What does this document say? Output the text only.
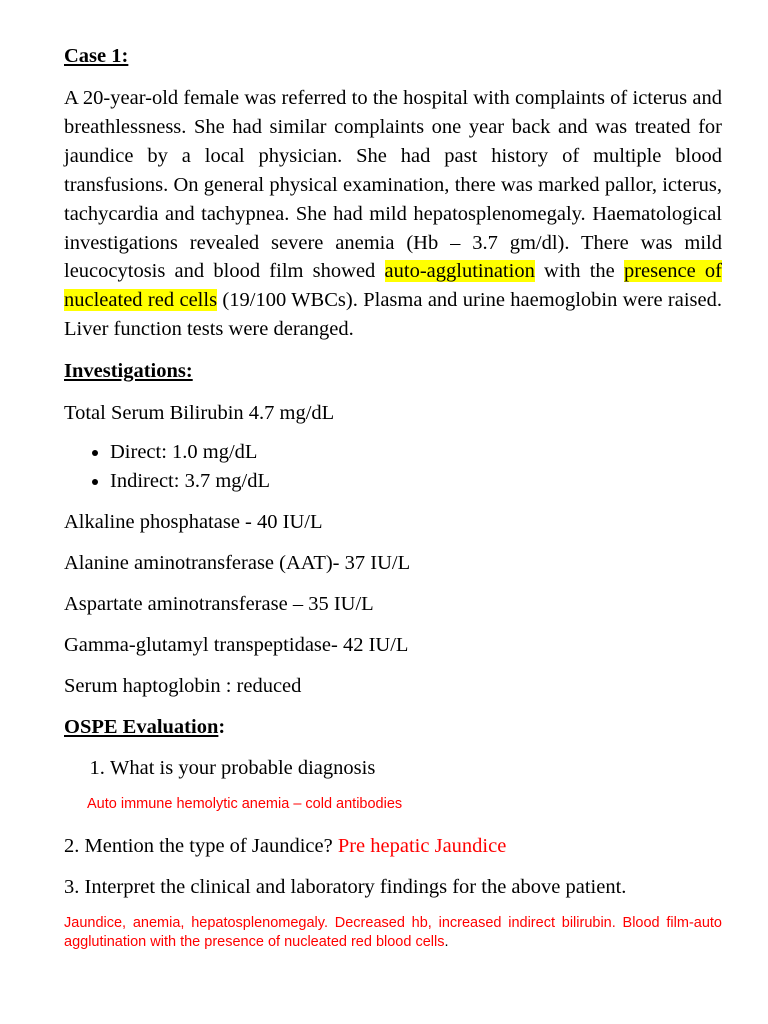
Case 1:

A 20-year-old female was referred to the hospital with complaints of icterus and breathlessness. She had similar complaints one year back and was treated for jaundice by a local physician. She had past history of multiple blood transfusions. On general physical examination, there was marked pallor, icterus, tachycardia and tachypnea. She had mild hepatosplenomegaly. Haematological investigations revealed severe anemia (Hb – 3.7 gm/dl). There was mild leucocytosis and blood film showed auto-agglutination with the presence of nucleated red cells (19/100 WBCs). Plasma and urine haemoglobin were raised. Liver function tests were deranged.

Investigations:

Total Serum Bilirubin 4.7 mg/dL

• Direct: 1.0 mg/dL
• Indirect: 3.7 mg/dL

Alkaline phosphatase - 40 IU/L

Alanine aminotransferase (AAT)- 37 IU/L

Aspartate aminotransferase – 35 IU/L

Gamma-glutamyl transpeptidase- 42 IU/L

Serum haptoglobin : reduced

OSPE Evaluation:

1. What is your probable diagnosis

Auto immune hemolytic anemia – cold antibodies

2. Mention the type of Jaundice? Pre hepatic Jaundice

3. Interpret the clinical and laboratory findings for the above patient.

Jaundice, anemia, hepatosplenomegaly. Decreased hb, increased indirect bilirubin. Blood film-auto agglutination with the presence of nucleated red blood cells.
